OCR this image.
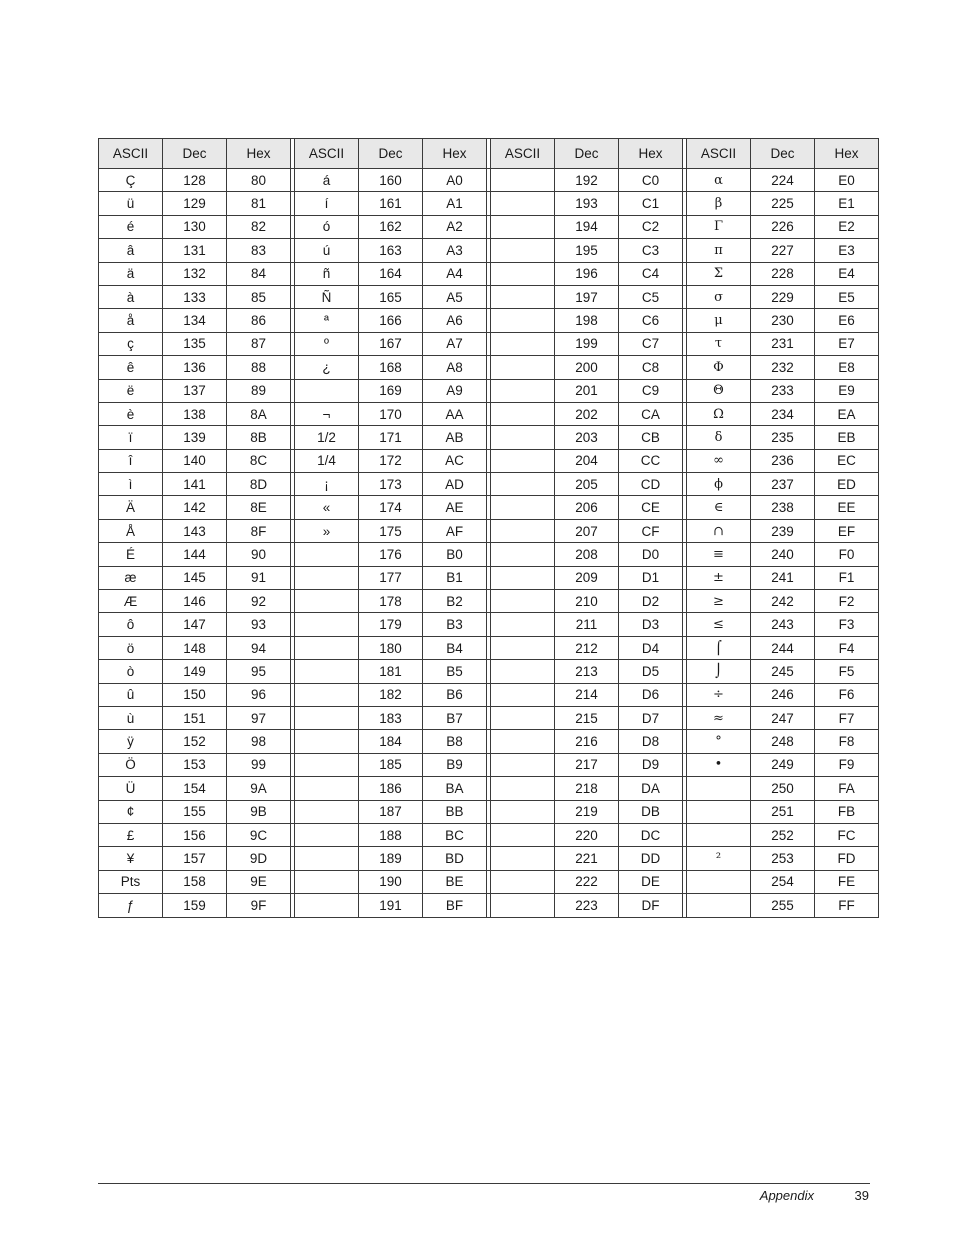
ASCII	Dec	Hex		ASCII	Dec	Hex		ASCII	Dec	Hex		ASCII	Dec	Hex
Ç	128	80		á	160	A0			192	C0		α	224	E0
ü	129	81		í	161	A1			193	C1		β	225	E1
é	130	82		ó	162	A2			194	C2		Γ	226	E2
â	131	83		ú	163	A3			195	C3		π	227	E3
ä	132	84		ñ	164	A4			196	C4		Σ	228	E4
à	133	85		Ñ	165	A5			197	C5		σ	229	E5
å	134	86		ª	166	A6			198	C6		μ	230	E6
ç	135	87		º	167	A7			199	C7		τ	231	E7
ê	136	88		¿	168	A8			200	C8		Φ	232	E8
ë	137	89			169	A9			201	C9		Θ	233	E9
è	138	8A		¬	170	AA			202	CA		Ω	234	EA
ï	139	8B		1/2	171	AB			203	CB		δ	235	EB
î	140	8C		1/4	172	AC			204	CC		∞	236	EC
ì	141	8D		¡	173	AD			205	CD		ϕ	237	ED
Ä	142	8E		«	174	AE			206	CE		∈	238	EE
Å	143	8F		»	175	AF			207	CF		∩	239	EF
É	144	90			176	B0			208	D0		≡	240	F0
æ	145	91			177	B1			209	D1		±	241	F1
Æ	146	92			178	B2			210	D2		≥	242	F2
ô	147	93			179	B3			211	D3		≤	243	F3
ö	148	94			180	B4			212	D4		⌠	244	F4
ò	149	95			181	B5			213	D5		⌡	245	F5
û	150	96			182	B6			214	D6		÷	246	F6
ù	151	97			183	B7			215	D7		≈	247	F7
ÿ	152	98			184	B8			216	D8		°	248	F8
Ö	153	99			185	B9			217	D9		•	249	F9
Ü	154	9A			186	BA			218	DA			250	FA
¢	155	9B			187	BB			219	DB			251	FB
£	156	9C			188	BC			220	DC			252	FC
¥	157	9D			189	BD			221	DD		²	253	FD
Pts	158	9E			190	BE			222	DE			254	FE
ƒ	159	9F			191	BF			223	DF			255	FF
Appendix	39
